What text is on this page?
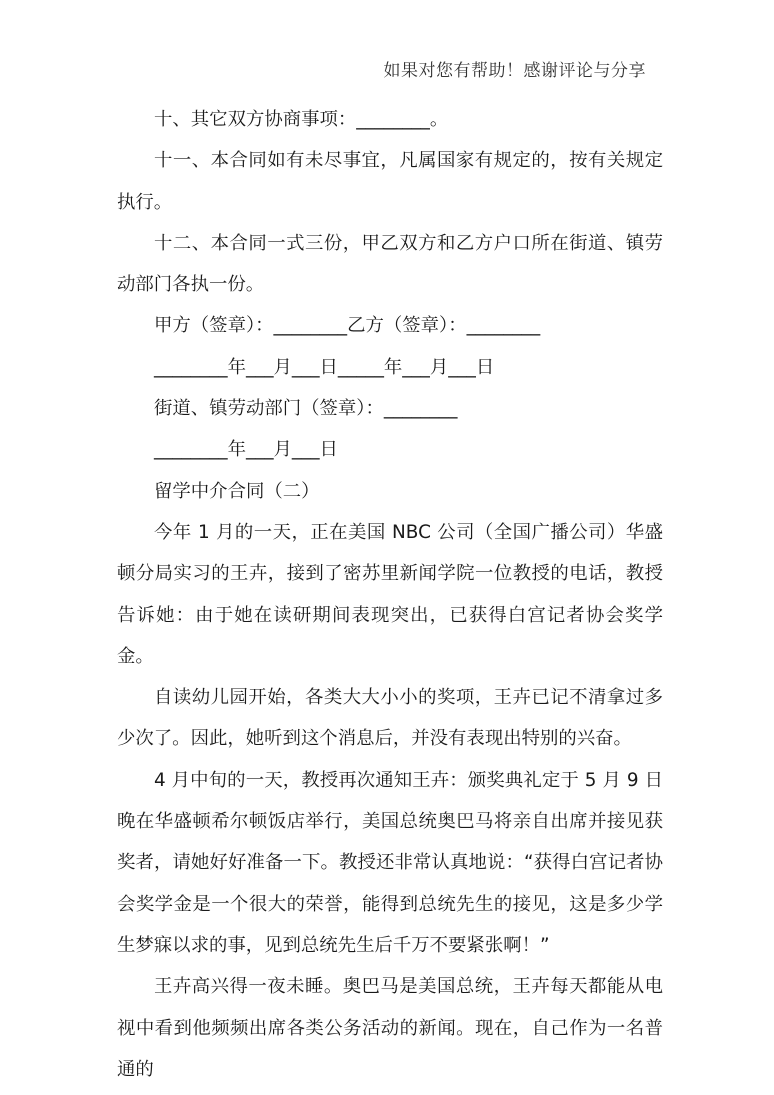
如果对您有帮助！感谢评论与分享

十、其它双方协商事项：________。

十一、本合同如有未尽事宜，凡属国家有规定的，按有关规定执行。

十二、本合同一式三份，甲乙双方和乙方户口所在街道、镇劳动部门各执一份。

甲方（签章）：________乙方（签章）：________

________年___月___日_____年___月___日

街道、镇劳动部门（签章）：________

________年___月___日

留学中介合同（二）

今年 1 月的一天，正在美国 NBC 公司（全国广播公司）华盛顿分局实习的王卉，接到了密苏里新闻学院一位教授的电话，教授告诉她：由于她在读研期间表现突出，已获得白宫记者协会奖学金。

自读幼儿园开始，各类大大小小的奖项，王卉已记不清拿过多少次了。因此，她听到这个消息后，并没有表现出特别的兴奋。

4 月中旬的一天，教授再次通知王卉：颁奖典礼定于 5 月 9 日晚在华盛顿希尔顿饭店举行，美国总统奥巴马将亲自出席并接见获奖者，请她好好准备一下。教授还非常认真地说：“获得白宫记者协会奖学金是一个很大的荣誉，能得到总统先生的接见，这是多少学生梦寐以求的事，见到总统先生后千万不要紧张啊！”

王卉高兴得一夜未睡。奥巴马是美国总统，王卉每天都能从电视中看到他频频出席各类公务活动的新闻。现在，自己作为一名普通的
